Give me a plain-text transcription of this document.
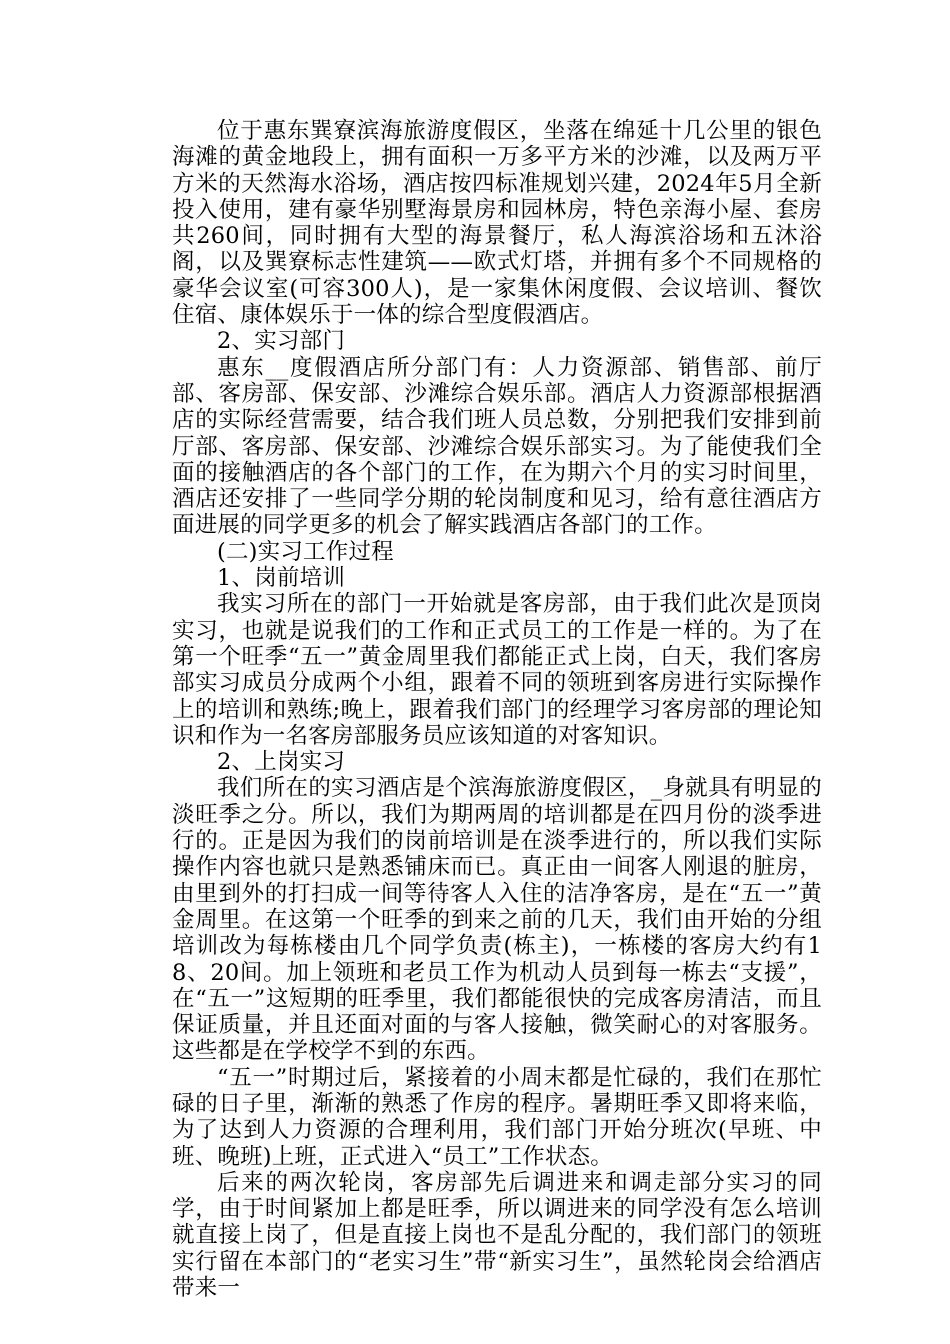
位于惠东巽寮滨海旅游度假区，坐落在绵延十几公里的银色海滩的黄金地段上，拥有面积一万多平方米的沙滩，以及两万平方米的天然海水浴场，酒店按四标准规划兴建，2024年5月全新投入使用，建有豪华别墅海景房和园林房，特色亲海小屋、套房共260间，同时拥有大型的海景餐厅，私人海滨浴场和五沐浴阁，以及巽寮标志性建筑——欧式灯塔，并拥有多个不同规格的豪华会议室(可容300人)，是一家集休闲度假、会议培训、餐饮住宿、康体娱乐于一体的综合型度假酒店。

2、实习部门

惠东__度假酒店所分部门有：人力资源部、销售部、前厅部、客房部、保安部、沙滩综合娱乐部。酒店人力资源部根据酒店的实际经营需要，结合我们班人员总数，分别把我们安排到前厅部、客房部、保安部、沙滩综合娱乐部实习。为了能使我们全面的接触酒店的各个部门的工作，在为期六个月的实习时间里，酒店还安排了一些同学分期的轮岗制度和见习，给有意往酒店方面进展的同学更多的机会了解实践酒店各部门的工作。

(二)实习工作过程

1、岗前培训

我实习所在的部门一开始就是客房部，由于我们此次是顶岗实习，也就是说我们的工作和正式员工的工作是一样的。为了在第一个旺季“五一”黄金周里我们都能正式上岗，白天，我们客房部实习成员分成两个小组，跟着不同的领班到客房进行实际操作上的培训和熟练;晚上，跟着我们部门的经理学习客房部的理论知识和作为一名客房部服务员应该知道的对客知识。

2、上岗实习

我们所在的实习酒店是个滨海旅游度假区，_身就具有明显的淡旺季之分。所以，我们为期两周的培训都是在四月份的淡季进行的。正是因为我们的岗前培训是在淡季进行的，所以我们实际操作内容也就只是熟悉铺床而已。真正由一间客人刚退的脏房，由里到外的打扫成一间等待客人入住的洁净客房，是在“五一”黄金周里。在这第一个旺季的到来之前的几天，我们由开始的分组培训改为每栋楼由几个同学负责(栋主)，一栋楼的客房大约有18、20间。加上领班和老员工作为机动人员到每一栋去“支援”，在“五一”这短期的旺季里，我们都能很快的完成客房清洁，而且保证质量，并且还面对面的与客人接触，微笑耐心的对客服务。这些都是在学校学不到的东西。

“五一”时期过后，紧接着的小周末都是忙碌的，我们在那忙碌的日子里，渐渐的熟悉了作房的程序。暑期旺季又即将来临，为了达到人力资源的合理利用，我们部门开始分班次(早班、中班、晚班)上班，正式进入“员工”工作状态。

后来的两次轮岗，客房部先后调进来和调走部分实习的同学，由于时间紧加上都是旺季，所以调进来的同学没有怎么培训就直接上岗了，但是直接上岗也不是乱分配的，我们部门的领班实行留在本部门的“老实习生”带“新实习生”，虽然轮岗会给酒店带来一
